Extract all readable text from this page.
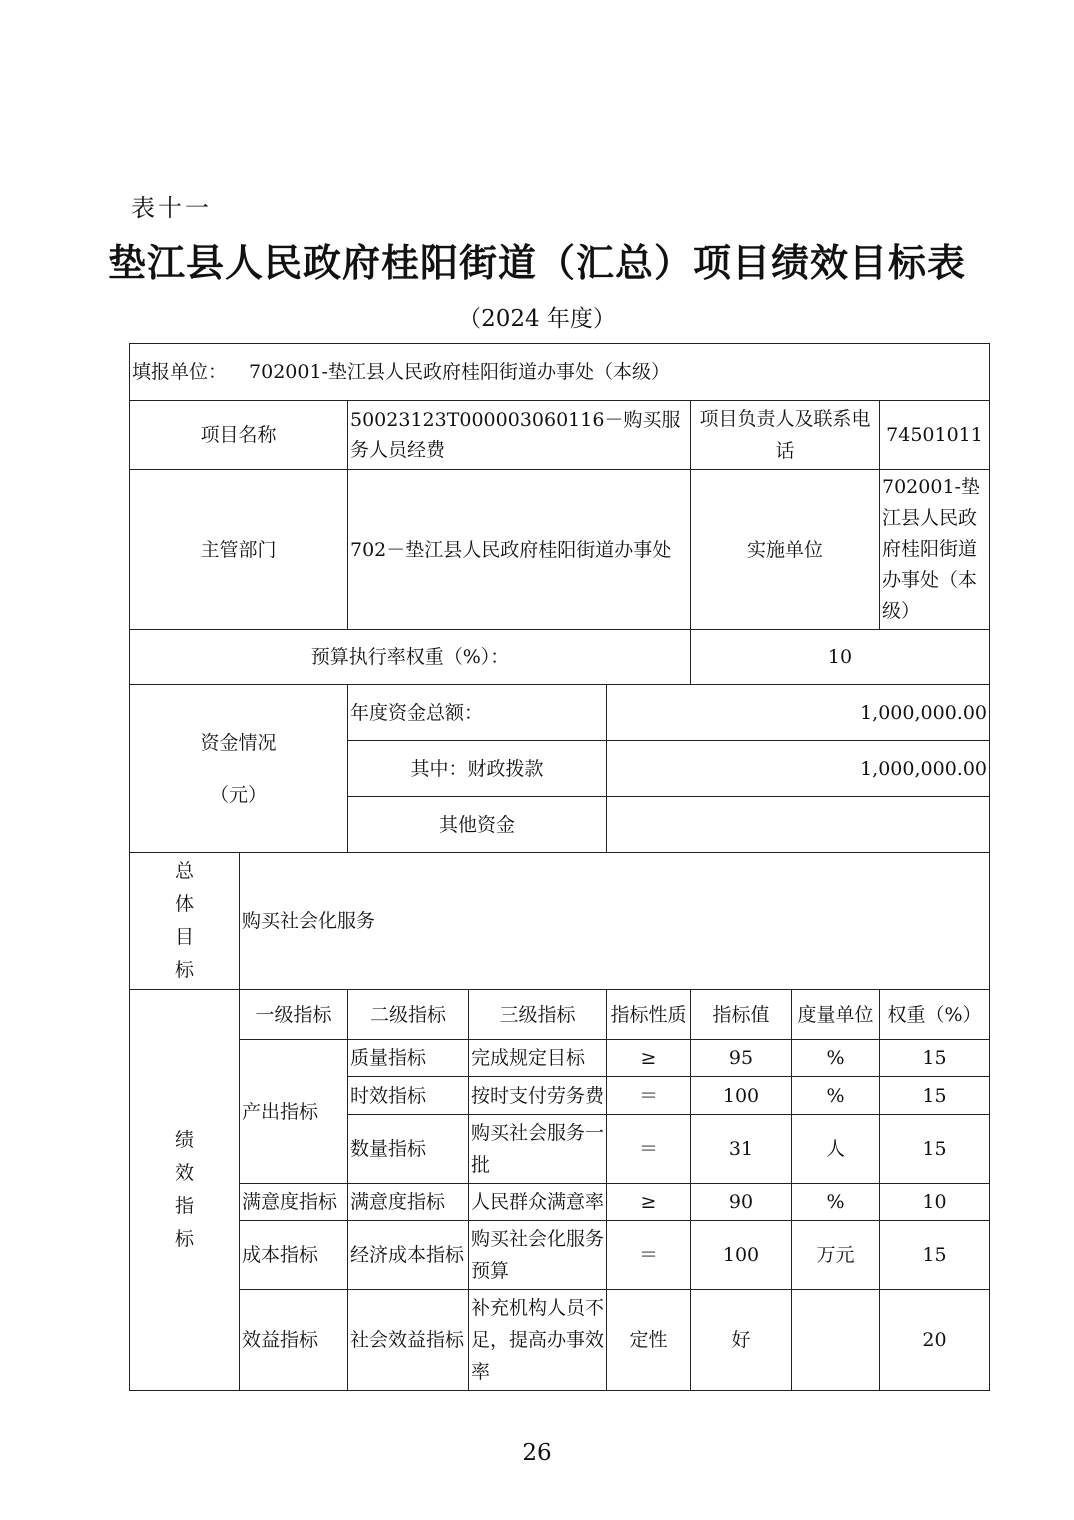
表十一
垫江县人民政府桂阳街道（汇总）项目绩效目标表
（2024 年度）
填报单位： 702001-垫江县人民政府桂阳街道办事处（本级）							
项目名称		50023123T000003060116－购买服务人员经费			项目负责人及联系电话		74501011
主管部门		702－垫江县人民政府桂阳街道办事处			实施单位		702001-垫江县人民政府桂阳街道办事处（本级）
预算执行率权重（%）：					10		

资金情况
（元）		年度资金总额：		1,000,000.00			
		其中：财政拨款		1,000,000.00			
		其他资金					

总
体
目
标	购买社会化服务						

绩
效
指
标	一级指标	二级指标	三级指标	指标性质	指标值	度量单位	权重（%）
	产出指标	质量指标	完成规定目标	≥	95	%	15
		时效指标	按时支付劳务费	＝	100	%	15
		数量指标	购买社会服务一批	＝	31	人	15
	满意度指标	满意度指标	人民群众满意率	≥	90	%	10
	成本指标	经济成本指标	购买社会化服务预算	＝	100	万元	15
	效益指标	社会效益指标	补充机构人员不足，提高办事效率	定性	好		20
26
